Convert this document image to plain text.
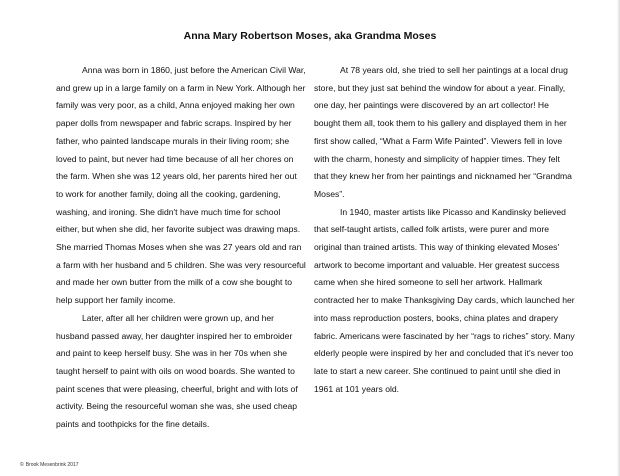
Anna Mary Robertson Moses, aka Grandma Moses

Anna was born in 1860, just before the American Civil War, and grew up in a large family on a farm in New York. Although her family was very poor, as a child, Anna enjoyed making her own paper dolls from newspaper and fabric scraps. Inspired by her father, who painted landscape murals in their living room; she loved to paint, but never had time because of all her chores on the farm. When she was 12 years old, her parents hired her out to work for another family, doing all the cooking, gardening, washing, and ironing. She didn't have much time for school either, but when she did, her favorite subject was drawing maps. She married Thomas Moses when she was 27 years old and ran a farm with her husband and 5 children. She was very resourceful and made her own butter from the milk of a cow she bought to help support her family income.

Later, after all her children were grown up, and her husband passed away, her daughter inspired her to embroider and paint to keep herself busy. She was in her 70s when she taught herself to paint with oils on wood boards. She wanted to paint scenes that were pleasing, cheerful, bright and with lots of activity. Being the resourceful woman she was, she used cheap paints and toothpicks for the fine details.

At 78 years old, she tried to sell her paintings at a local drug store, but they just sat behind the window for about a year. Finally, one day, her paintings were discovered by an art collector! He bought them all, took them to his gallery and displayed them in her first show called, “What a Farm Wife Painted”. Viewers fell in love with the charm, honesty and simplicity of happier times. They felt that they knew her from her paintings and nicknamed her “Grandma Moses”.

In 1940, master artists like Picasso and Kandinsky believed that self-taught artists, called folk artists, were purer and more original than trained artists. This way of thinking elevated Moses' artwork to become important and valuable. Her greatest success came when she hired someone to sell her artwork. Hallmark contracted her to make Thanksgiving Day cards, which launched her into mass reproduction posters, books, china plates and drapery fabric. Americans were fascinated by her “rags to riches” story. Many elderly people were inspired by her and concluded that it's never too late to start a new career. She continued to paint until she died in 1961 at 101 years old.

© Brook Mesenbrink 2017
